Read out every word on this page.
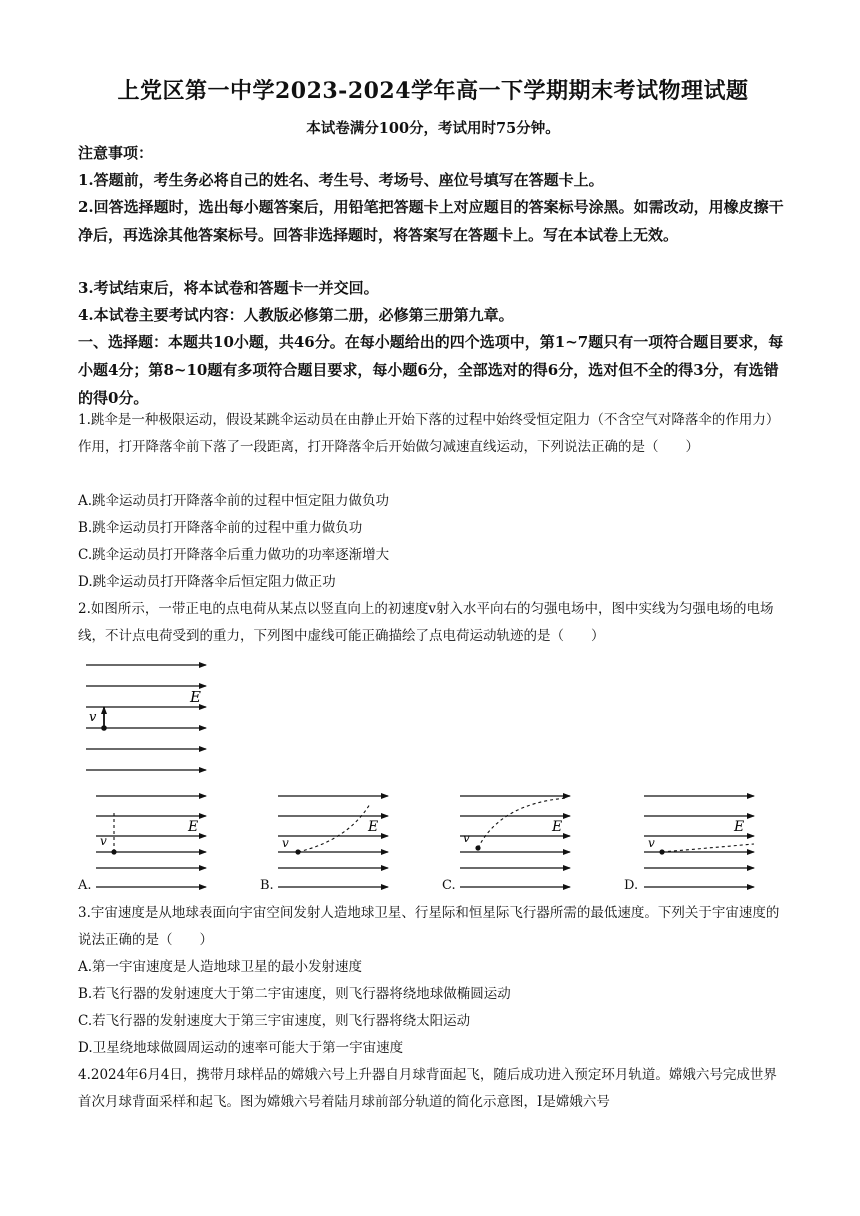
上党区第一中学2023-2024学年高一下学期期末考试物理试题
本试卷满分100分，考试用时75分钟。
注意事项：
1.答题前，考生务必将自己的姓名、考生号、考场号、座位号填写在答题卡上。
2.回答选择题时，选出每小题答案后，用铅笔把答题卡上对应题目的答案标号涂黑。如需改动，用橡皮擦干净后，再选涂其他答案标号。回答非选择题时，将答案写在答题卡上。写在本试卷上无效。
3.考试结束后，将本试卷和答题卡一并交回。
4.本试卷主要考试内容：人教版必修第二册，必修第三册第九章。
一、选择题：本题共10小题，共46分。在每小题给出的四个选项中，第1~7题只有一项符合题目要求，每小题4分；第8~10题有多项符合题目要求，每小题6分，全部选对的得6分，选对但不全的得3分，有选错的得0分。
1.跳伞是一种极限运动，假设某跳伞运动员在由静止开始下落的过程中始终受恒定阻力（不含空气对降落伞的作用力）作用，打开降落伞前下落了一段距离，打开降落伞后开始做匀减速直线运动，下列说法正确的是（　　）
A.跳伞运动员打开降落伞前的过程中恒定阻力做负功
B.跳伞运动员打开降落伞前的过程中重力做负功
C.跳伞运动员打开降落伞后重力做功的功率逐渐增大
D.跳伞运动员打开降落伞后恒定阻力做正功
2.如图所示，一带正电的点电荷从某点以竖直向上的初速度v射入水平向右的匀强电场中，图中实线为匀强电场的电场线，不计点电荷受到的重力，下列图中虚线可能正确描绘了点电荷运动轨迹的是（　　）
v
E
v
E
A.
v
E
B.
v
E
C.
v
E
D.
3.宇宙速度是从地球表面向宇宙空间发射人造地球卫星、行星际和恒星际飞行器所需的最低速度。下列关于宇宙速度的说法正确的是（　　）
A.第一宇宙速度是人造地球卫星的最小发射速度
B.若飞行器的发射速度大于第二宇宙速度，则飞行器将绕地球做椭圆运动
C.若飞行器的发射速度大于第三宇宙速度，则飞行器将绕太阳运动
D.卫星绕地球做圆周运动的速率可能大于第一宇宙速度
4.2024年6月4日，携带月球样品的嫦娥六号上升器自月球背面起飞，随后成功进入预定环月轨道。嫦娥六号完成世界首次月球背面采样和起飞。图为嫦娥六号着陆月球前部分轨道的简化示意图，Ⅰ是嫦娥六号
